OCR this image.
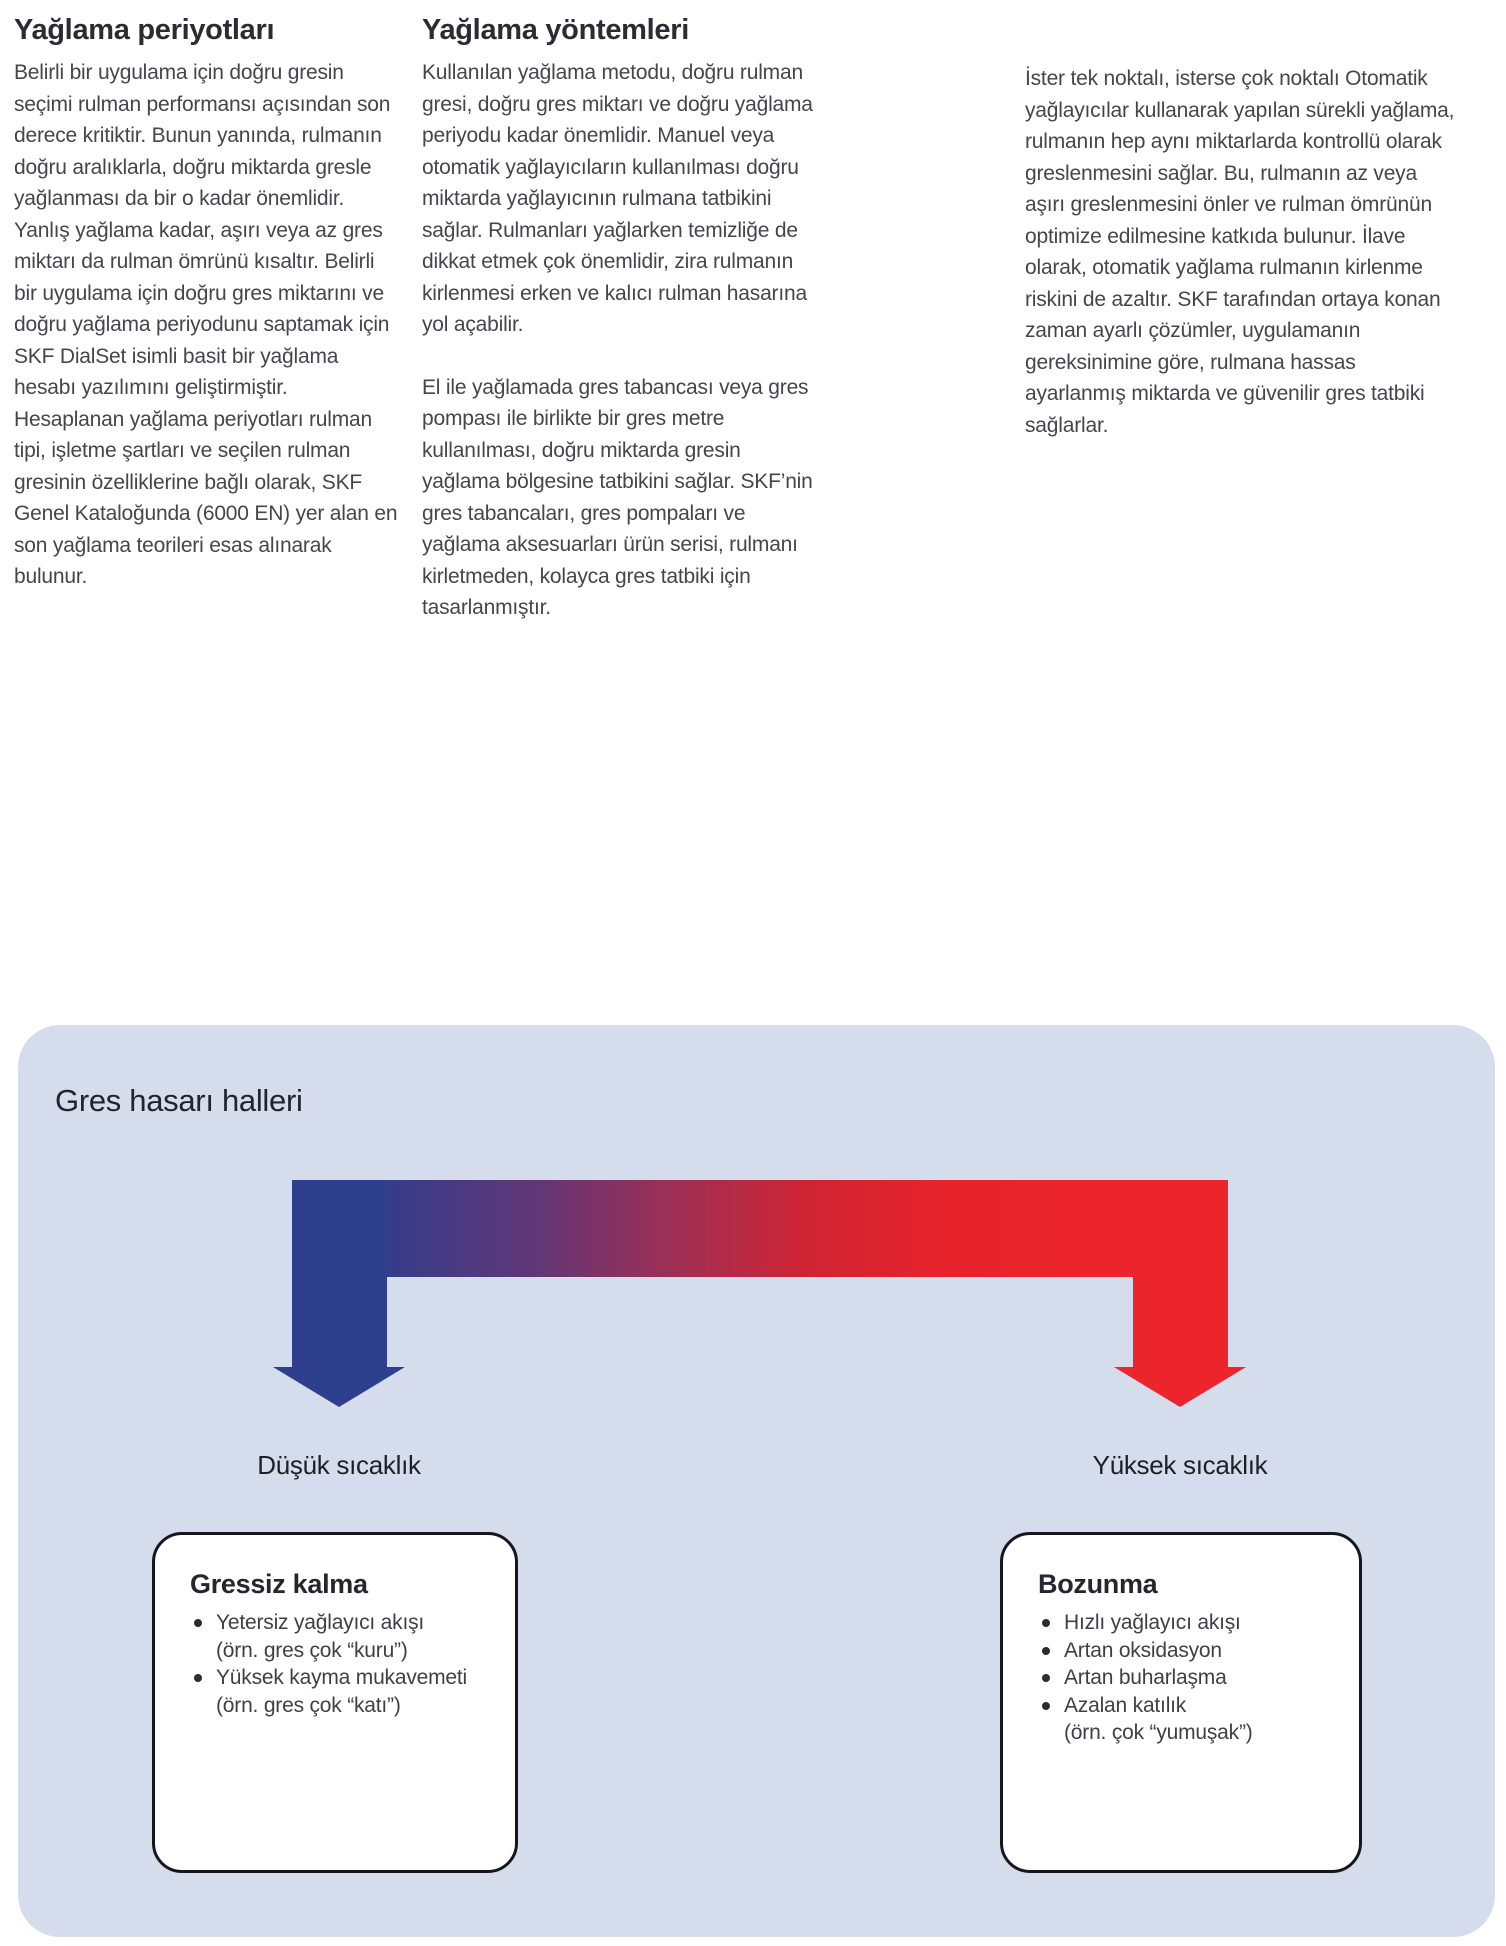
Yağlama periyotları

Belirli bir uygulama için doğru gresin seçimi rulman performansı açısından son derece kritiktir. Bunun yanında, rulmanın doğru aralıklarla, doğru miktarda gresle yağlanması da bir o kadar önemlidir.

Yanlış yağlama kadar, aşırı veya az gres miktarı da rulman ömrünü kısaltır. Belirli bir uygulama için doğru gres miktarını ve doğru yağlama periyodunu saptamak için SKF DialSet isimli basit bir yağlama hesabı yazılımını geliştirmiştir. Hesaplanan yağlama periyotları rulman tipi, işletme şartları ve seçilen rulman gresinin özelliklerine bağlı olarak, SKF Genel Kataloğunda (6000 EN) yer alan en son yağlama teorileri esas alınarak bulunur.

Yağlama yöntemleri

Kullanılan yağlama metodu, doğru rulman gresi, doğru gres miktarı ve doğru yağlama periyodu kadar önemlidir. Manuel veya otomatik yağlayıcıların kullanılması doğru miktarda yağlayıcının rulmana tatbikini sağlar. Rulmanları yağlarken temizliğe de dikkat etmek çok önemlidir, zira rulmanın kirlenmesi erken ve kalıcı rulman hasarına yol açabilir.

El ile yağlamada gres tabancası veya gres pompası ile birlikte bir gres metre kullanılması, doğru miktarda gresin yağlama bölgesine tatbikini sağlar. SKF’nin gres tabancaları, gres pompaları ve yağlama aksesuarları ürün serisi, rulmanı kirletmeden, kolayca gres tatbiki için tasarlanmıştır.

İster tek noktalı, isterse çok noktalı Otomatik yağlayıcılar kullanarak yapılan sürekli yağlama, rulmanın hep aynı miktarlarda kontrollü olarak greslenmesini sağlar. Bu, rulmanın az veya aşırı greslenmesini önler ve rulman ömrünün optimize edilmesine katkıda bulunur. İlave olarak, otomatik yağlama rulmanın kirlenme riskini de azaltır. SKF tarafından ortaya konan zaman ayarlı çözümler, uygulamanın gereksinimine göre, rulmana hassas ayarlanmış miktarda ve güvenilir gres tatbiki sağlarlar.

Gres hasarı halleri
Düşük sıcaklık	Yüksek sıcaklık
Gressiz kalma
Yetersiz yağlayıcı akışı
(örn. gres çok “kuru”)
Yüksek kayma mukavemeti
(örn. gres çok “katı”)
Bozunma
Hızlı yağlayıcı akışı
Artan oksidasyon
Artan buharlaşma
Azalan katılık
(örn. çok “yumuşak”)
